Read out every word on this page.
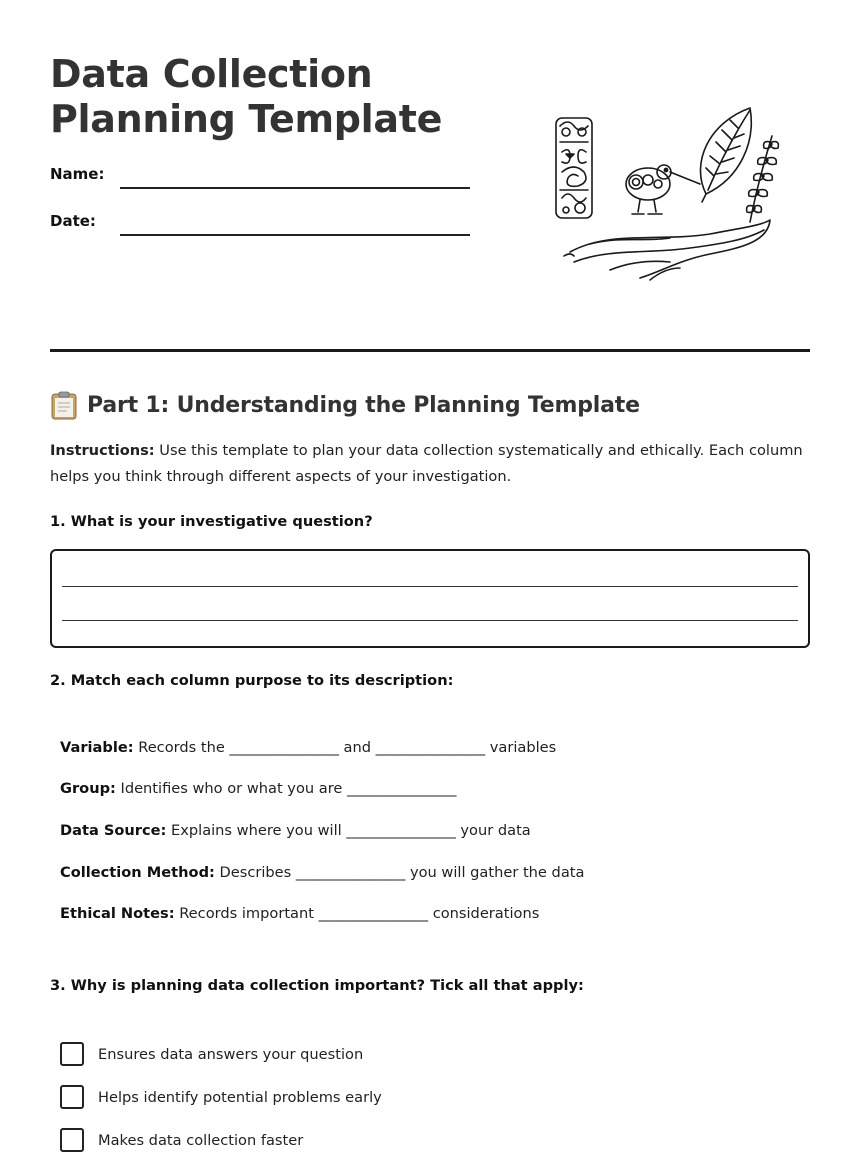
Data Collection Planning Template
Name:
Date:
Part 1: Understanding the Planning Template

Instructions: Use this template to plan your data collection systematically and ethically. Each column helps you think through different aspects of your investigation.

1. What is your investigative question?
2. Match each column purpose to its description:
Variable: Records the _______________ and _______________ variables
Group: Identifies who or what you are _______________
Data Source: Explains where you will _______________ your data
Collection Method: Describes _______________ you will gather the data
Ethical Notes: Records important _______________ considerations
3. Why is planning data collection important? Tick all that apply:
Ensures data answers your question
Helps identify potential problems early
Makes data collection faster
